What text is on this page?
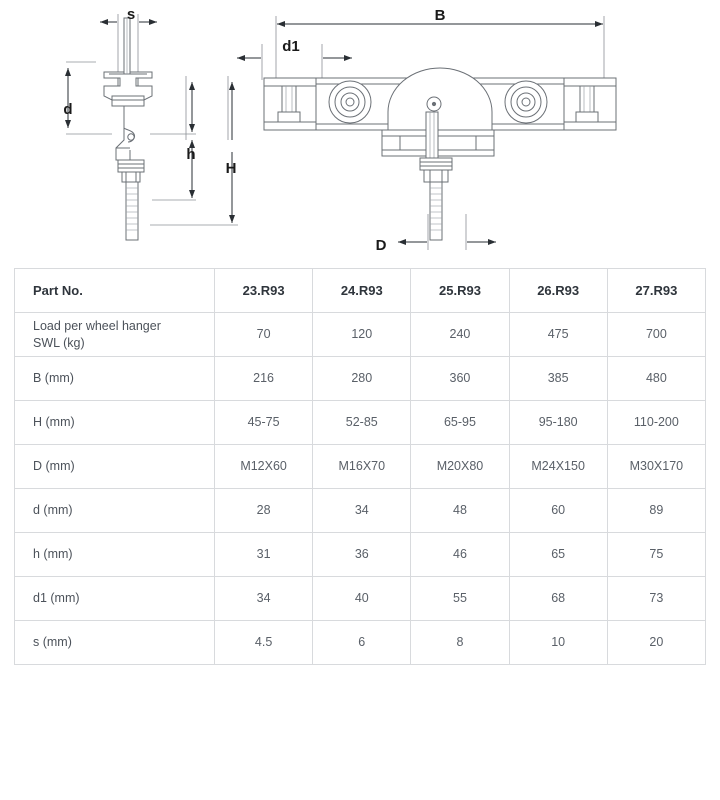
s
d
h
H
B
d1
D
Part No.	23.R93	24.R93	25.R93	26.R93	27.R93
Load per wheel hanger
SWL (kg)	70	120	240	475	700
B (mm)	216	280	360	385	480
H (mm)	45-75	52-85	65-95	95-180	110-200
D (mm)	M12X60	M16X70	M20X80	M24X150	M30X170
d (mm)	28	34	48	60	89
h (mm)	31	36	46	65	75
d1 (mm)	34	40	55	68	73
s (mm)	4.5	6	8	10	20
